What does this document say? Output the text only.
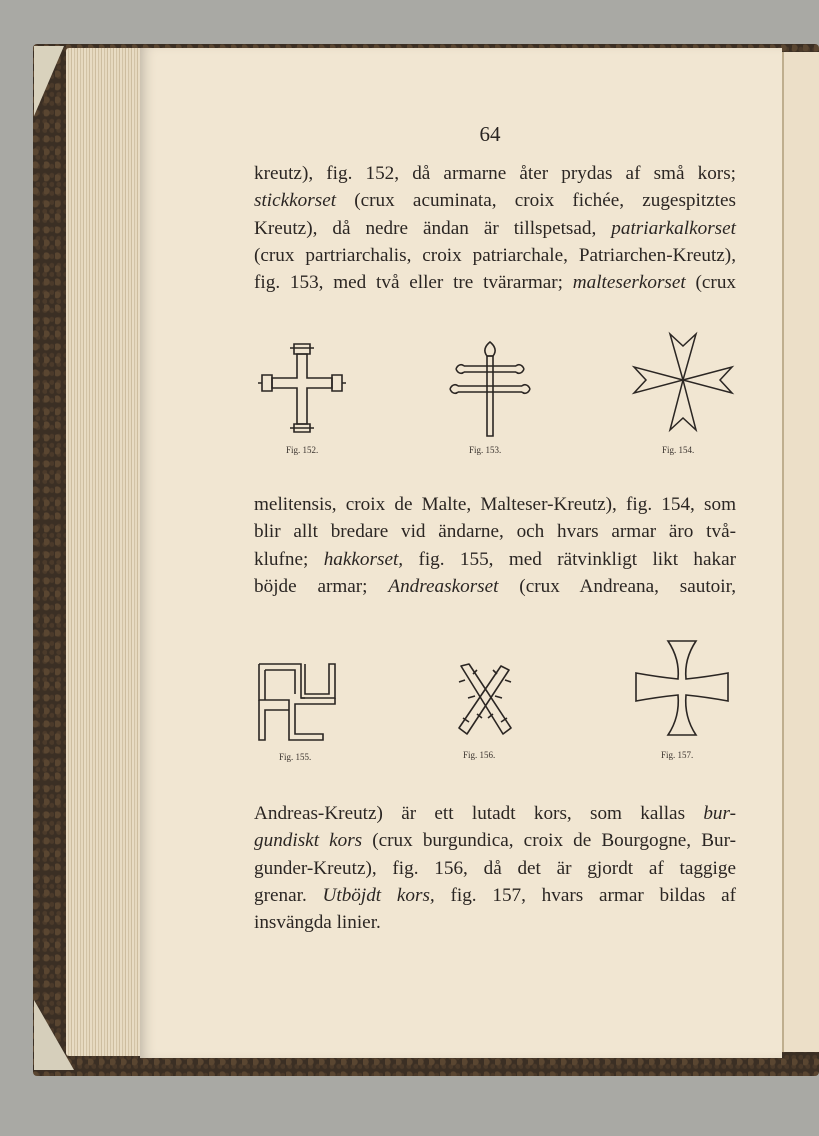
64
kreutz), fig. 152, då armarne åter prydas af små kors;
stickkorset (crux acuminata, croix fichée, zugespitztes
Kreutz), då nedre ändan är tillspetsad, patriarkalkorset
(crux partriarchalis, croix patriarchale, Patriarchen-Kreutz),
fig. 153, med två eller tre tvärarmar; malteserkorset (crux
Fig. 152.	Fig. 153.	Fig. 154.
melitensis, croix de Malte, Malteser-Kreutz), fig. 154, som
blir allt bredare vid ändarne, och hvars armar äro två-
klufne; hakkorset, fig. 155, med rätvinkligt likt hakar
böjde armar; Andreaskorset (crux Andreana, sautoir,
Fig. 155.	Fig. 156.	Fig. 157.
Andreas-Kreutz) är ett lutadt kors, som kallas bur-
gundiskt kors (crux burgundica, croix de Bourgogne, Bur-
gunder-Kreutz), fig. 156, då det är gjordt af taggige
grenar. Utböjdt kors, fig. 157, hvars armar bildas af
insvängda linier.
